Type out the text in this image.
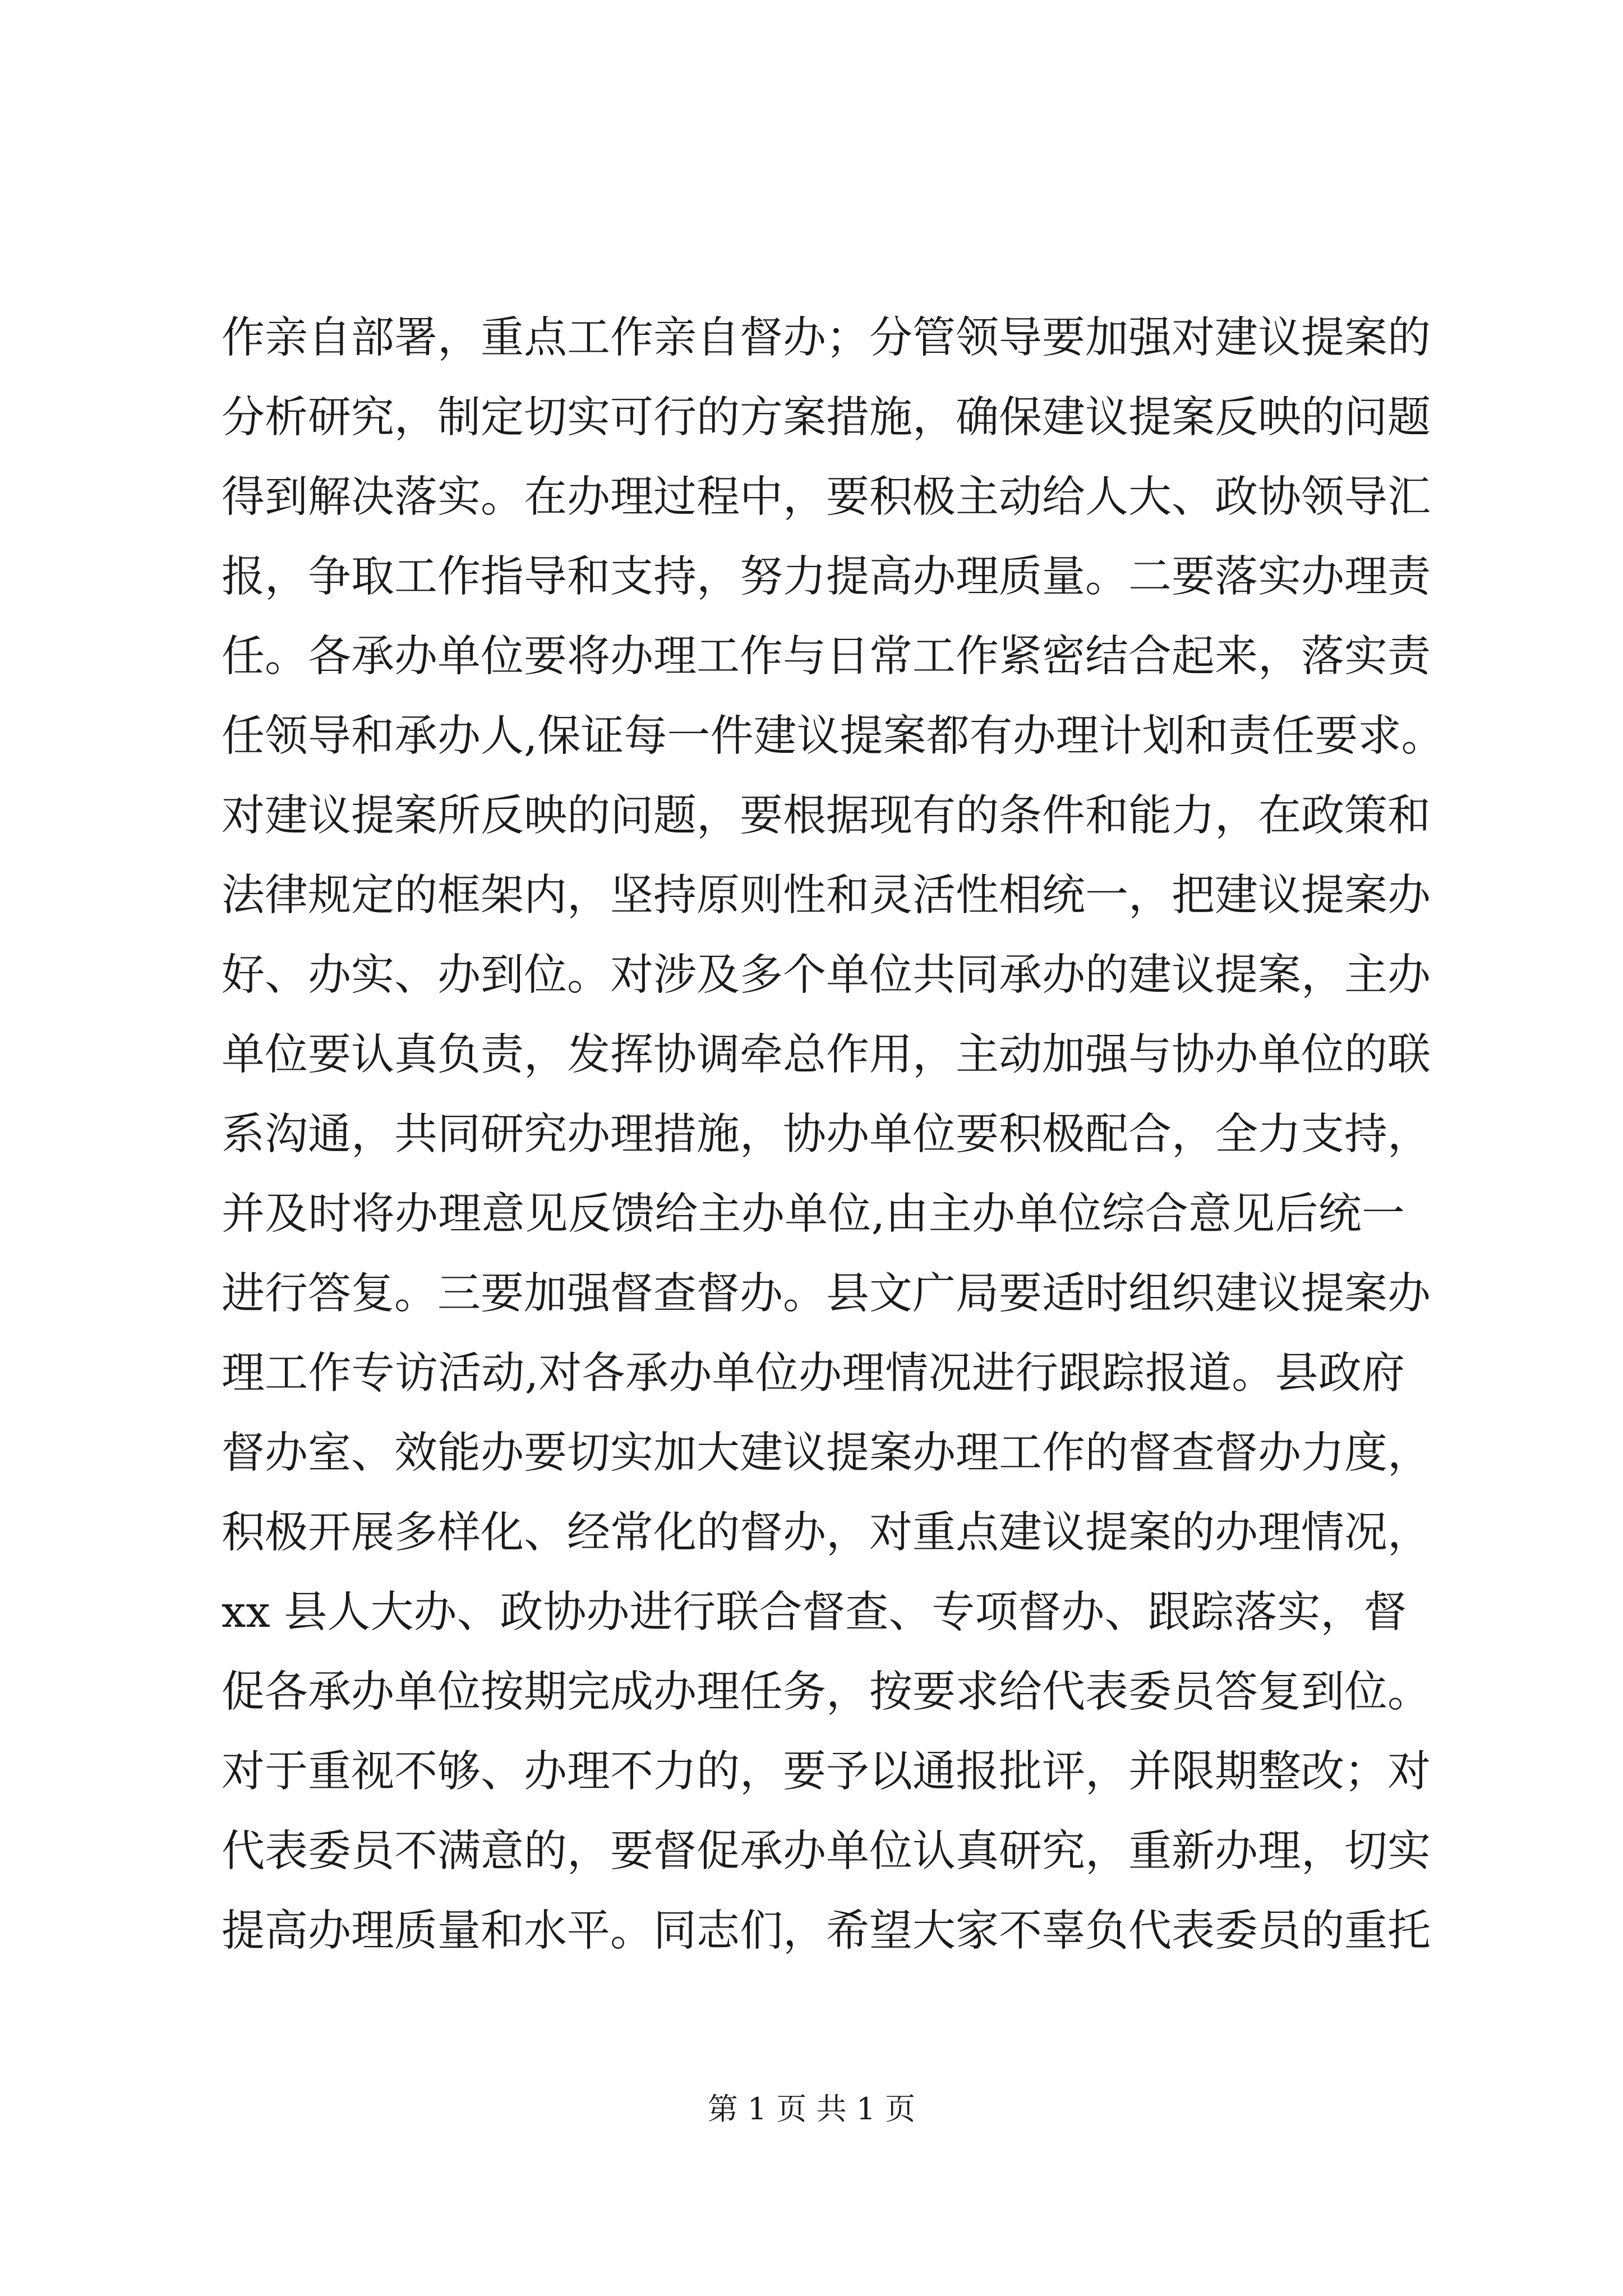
作亲自部署，重点工作亲自督办；分管领导要加强对建议提案的
分析研究，制定切实可行的方案措施，确保建议提案反映的问题
得到解决落实。在办理过程中，要积极主动给人大、政协领导汇
报，争取工作指导和支持，努力提高办理质量。二要落实办理责
任。各承办单位要将办理工作与日常工作紧密结合起来，落实责
任领导和承办人,保证每一件建议提案都有办理计划和责任要求。
对建议提案所反映的问题，要根据现有的条件和能力，在政策和
法律规定的框架内，坚持原则性和灵活性相统一，把建议提案办
好、办实、办到位。对涉及多个单位共同承办的建议提案，主办
单位要认真负责，发挥协调牵总作用，主动加强与协办单位的联
系沟通，共同研究办理措施，协办单位要积极配合，全力支持，
并及时将办理意见反馈给主办单位,由主办单位综合意见后统一
进行答复。三要加强督查督办。县文广局要适时组织建议提案办
理工作专访活动,对各承办单位办理情况进行跟踪报道。县政府
督办室、效能办要切实加大建议提案办理工作的督查督办力度，
积极开展多样化、经常化的督办，对重点建议提案的办理情况，
xx 县人大办、政协办进行联合督查、专项督办、跟踪落实，督
促各承办单位按期完成办理任务，按要求给代表委员答复到位。
对于重视不够、办理不力的，要予以通报批评，并限期整改；对
代表委员不满意的，要督促承办单位认真研究，重新办理，切实
提高办理质量和水平。同志们，希望大家不辜负代表委员的重托
第 1 页 共 1 页
